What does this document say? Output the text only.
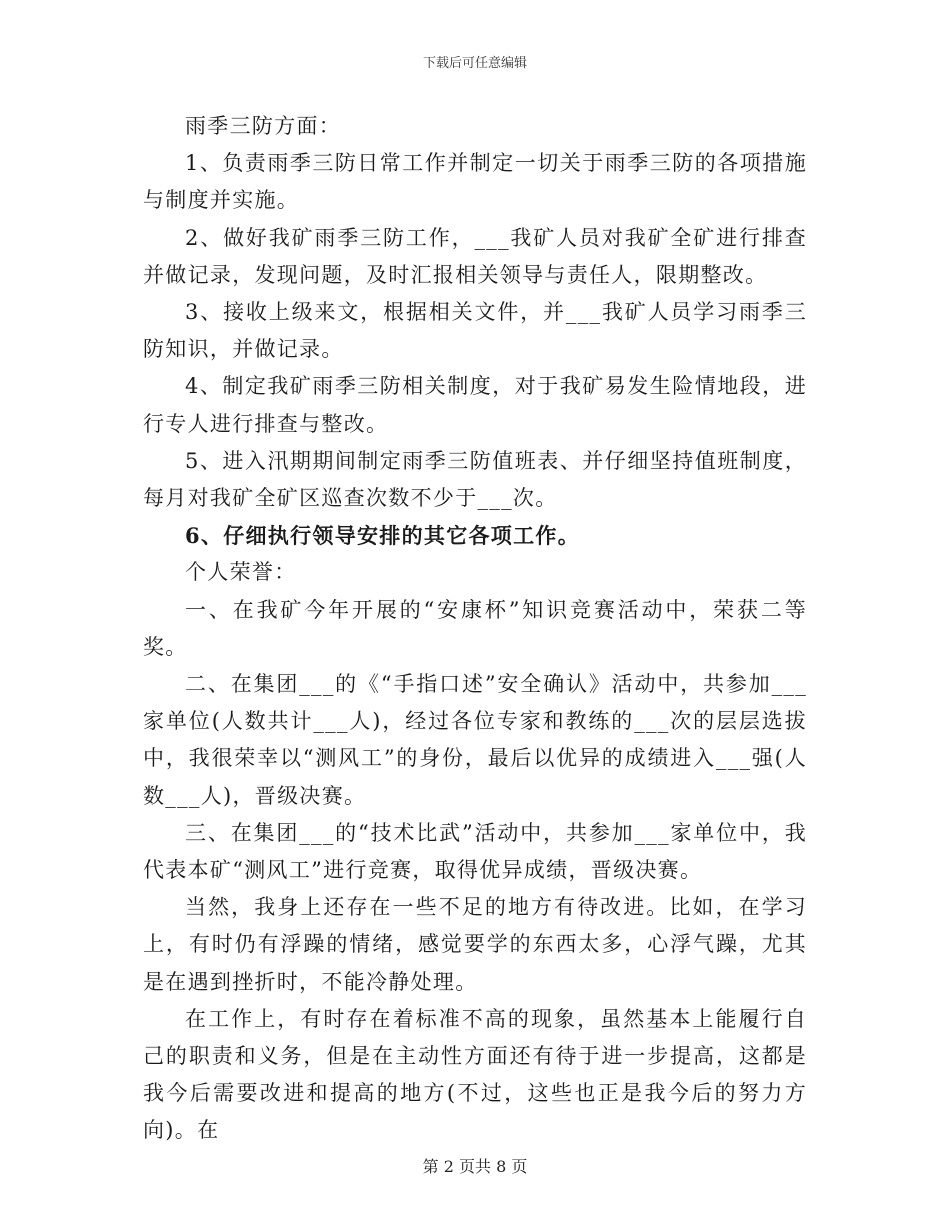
下载后可任意编辑

雨季三防方面：

1、负责雨季三防日常工作并制定一切关于雨季三防的各项措施与制度并实施。

2、做好我矿雨季三防工作，___我矿人员对我矿全矿进行排查并做记录，发现问题，及时汇报相关领导与责任人，限期整改。

3、接收上级来文，根据相关文件，并___我矿人员学习雨季三防知识，并做记录。

4、制定我矿雨季三防相关制度，对于我矿易发生险情地段，进行专人进行排查与整改。

5、进入汛期期间制定雨季三防值班表、并仔细坚持值班制度，每月对我矿全矿区巡查次数不少于___次。

6、仔细执行领导安排的其它各项工作。

个人荣誉：

一、在我矿今年开展的“安康杯”知识竞赛活动中，荣获二等奖。

二、在集团___的《“手指口述”安全确认》活动中，共参加___家单位(人数共计___人)，经过各位专家和教练的___次的层层选拔中，我很荣幸以“测风工”的身份，最后以优异的成绩进入___强(人数___人)，晋级决赛。

三、在集团___的“技术比武”活动中，共参加___家单位中，我代表本矿“测风工”进行竞赛，取得优异成绩，晋级决赛。

当然，我身上还存在一些不足的地方有待改进。比如，在学习上，有时仍有浮躁的情绪，感觉要学的东西太多，心浮气躁，尤其是在遇到挫折时，不能冷静处理。

在工作上，有时存在着标准不高的现象，虽然基本上能履行自己的职责和义务，但是在主动性方面还有待于进一步提高，这都是我今后需要改进和提高的地方(不过，这些也正是我今后的努力方向)。在

第 2 页共 8 页
